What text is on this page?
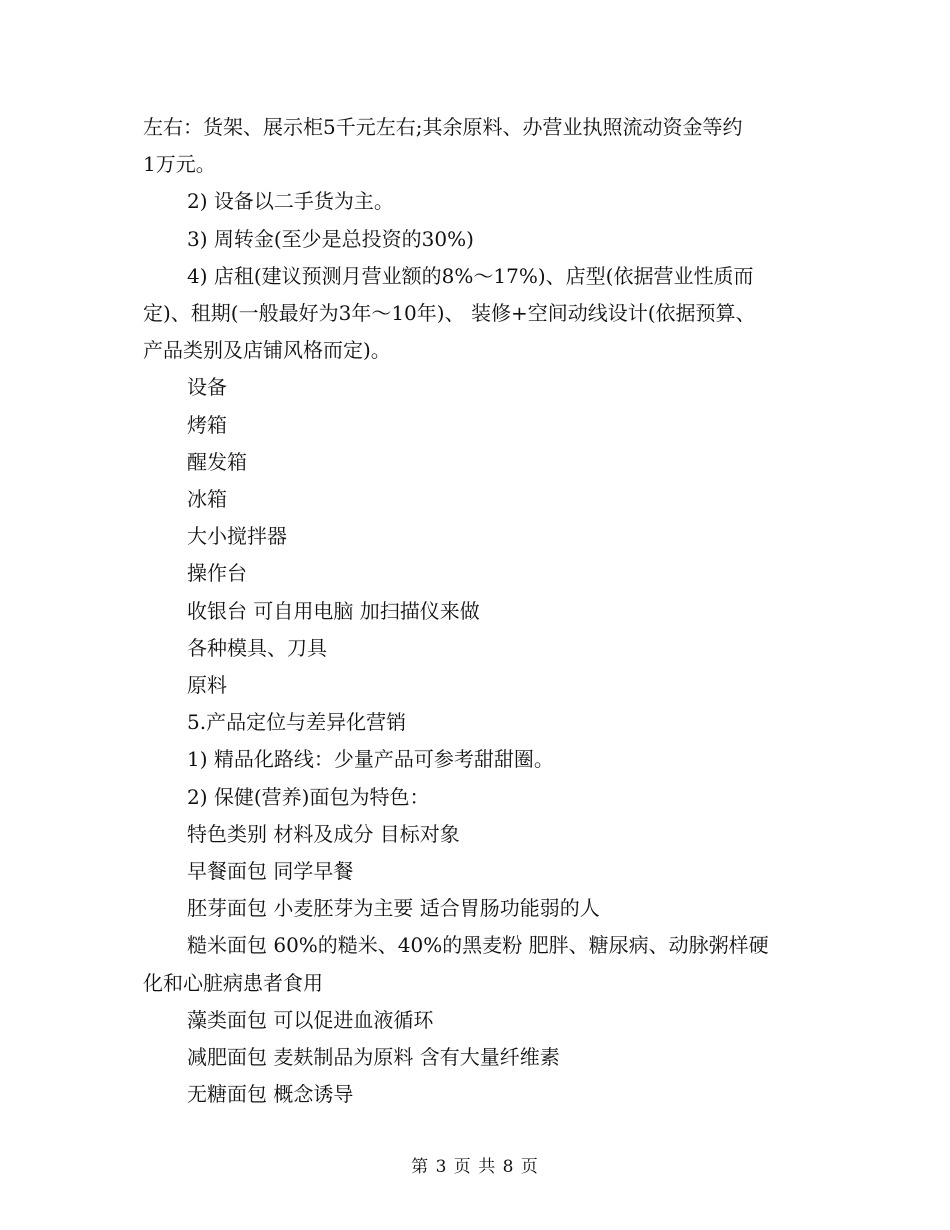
左右：货架、展示柜5千元左右;其余原料、办营业执照流动资金等约

1万元。

2) 设备以二手货为主。

3) 周转金(至少是总投资的30%)

4) 店租(建议预测月营业额的8%～17%)、店型(依据营业性质而

定)、租期(一般最好为3年～10年)、 装修+空间动线设计(依据预算、

产品类别及店铺风格而定)。

设备

烤箱

醒发箱

冰箱

大小搅拌器

操作台

收银台 可自用电脑 加扫描仪来做

各种模具、刀具

原料

5.产品定位与差异化营销

1) 精品化路线：少量产品可参考甜甜圈。

2) 保健(营养)面包为特色：

特色类别 材料及成分 目标对象

早餐面包 同学早餐

胚芽面包 小麦胚芽为主要 适合胃肠功能弱的人

糙米面包 60%的糙米、40%的黑麦粉 肥胖、糖尿病、动脉粥样硬

化和心脏病患者食用

藻类面包 可以促进血液循环

减肥面包 麦麸制品为原料 含有大量纤维素

无糖面包 概念诱导

第 3 页 共 8 页
